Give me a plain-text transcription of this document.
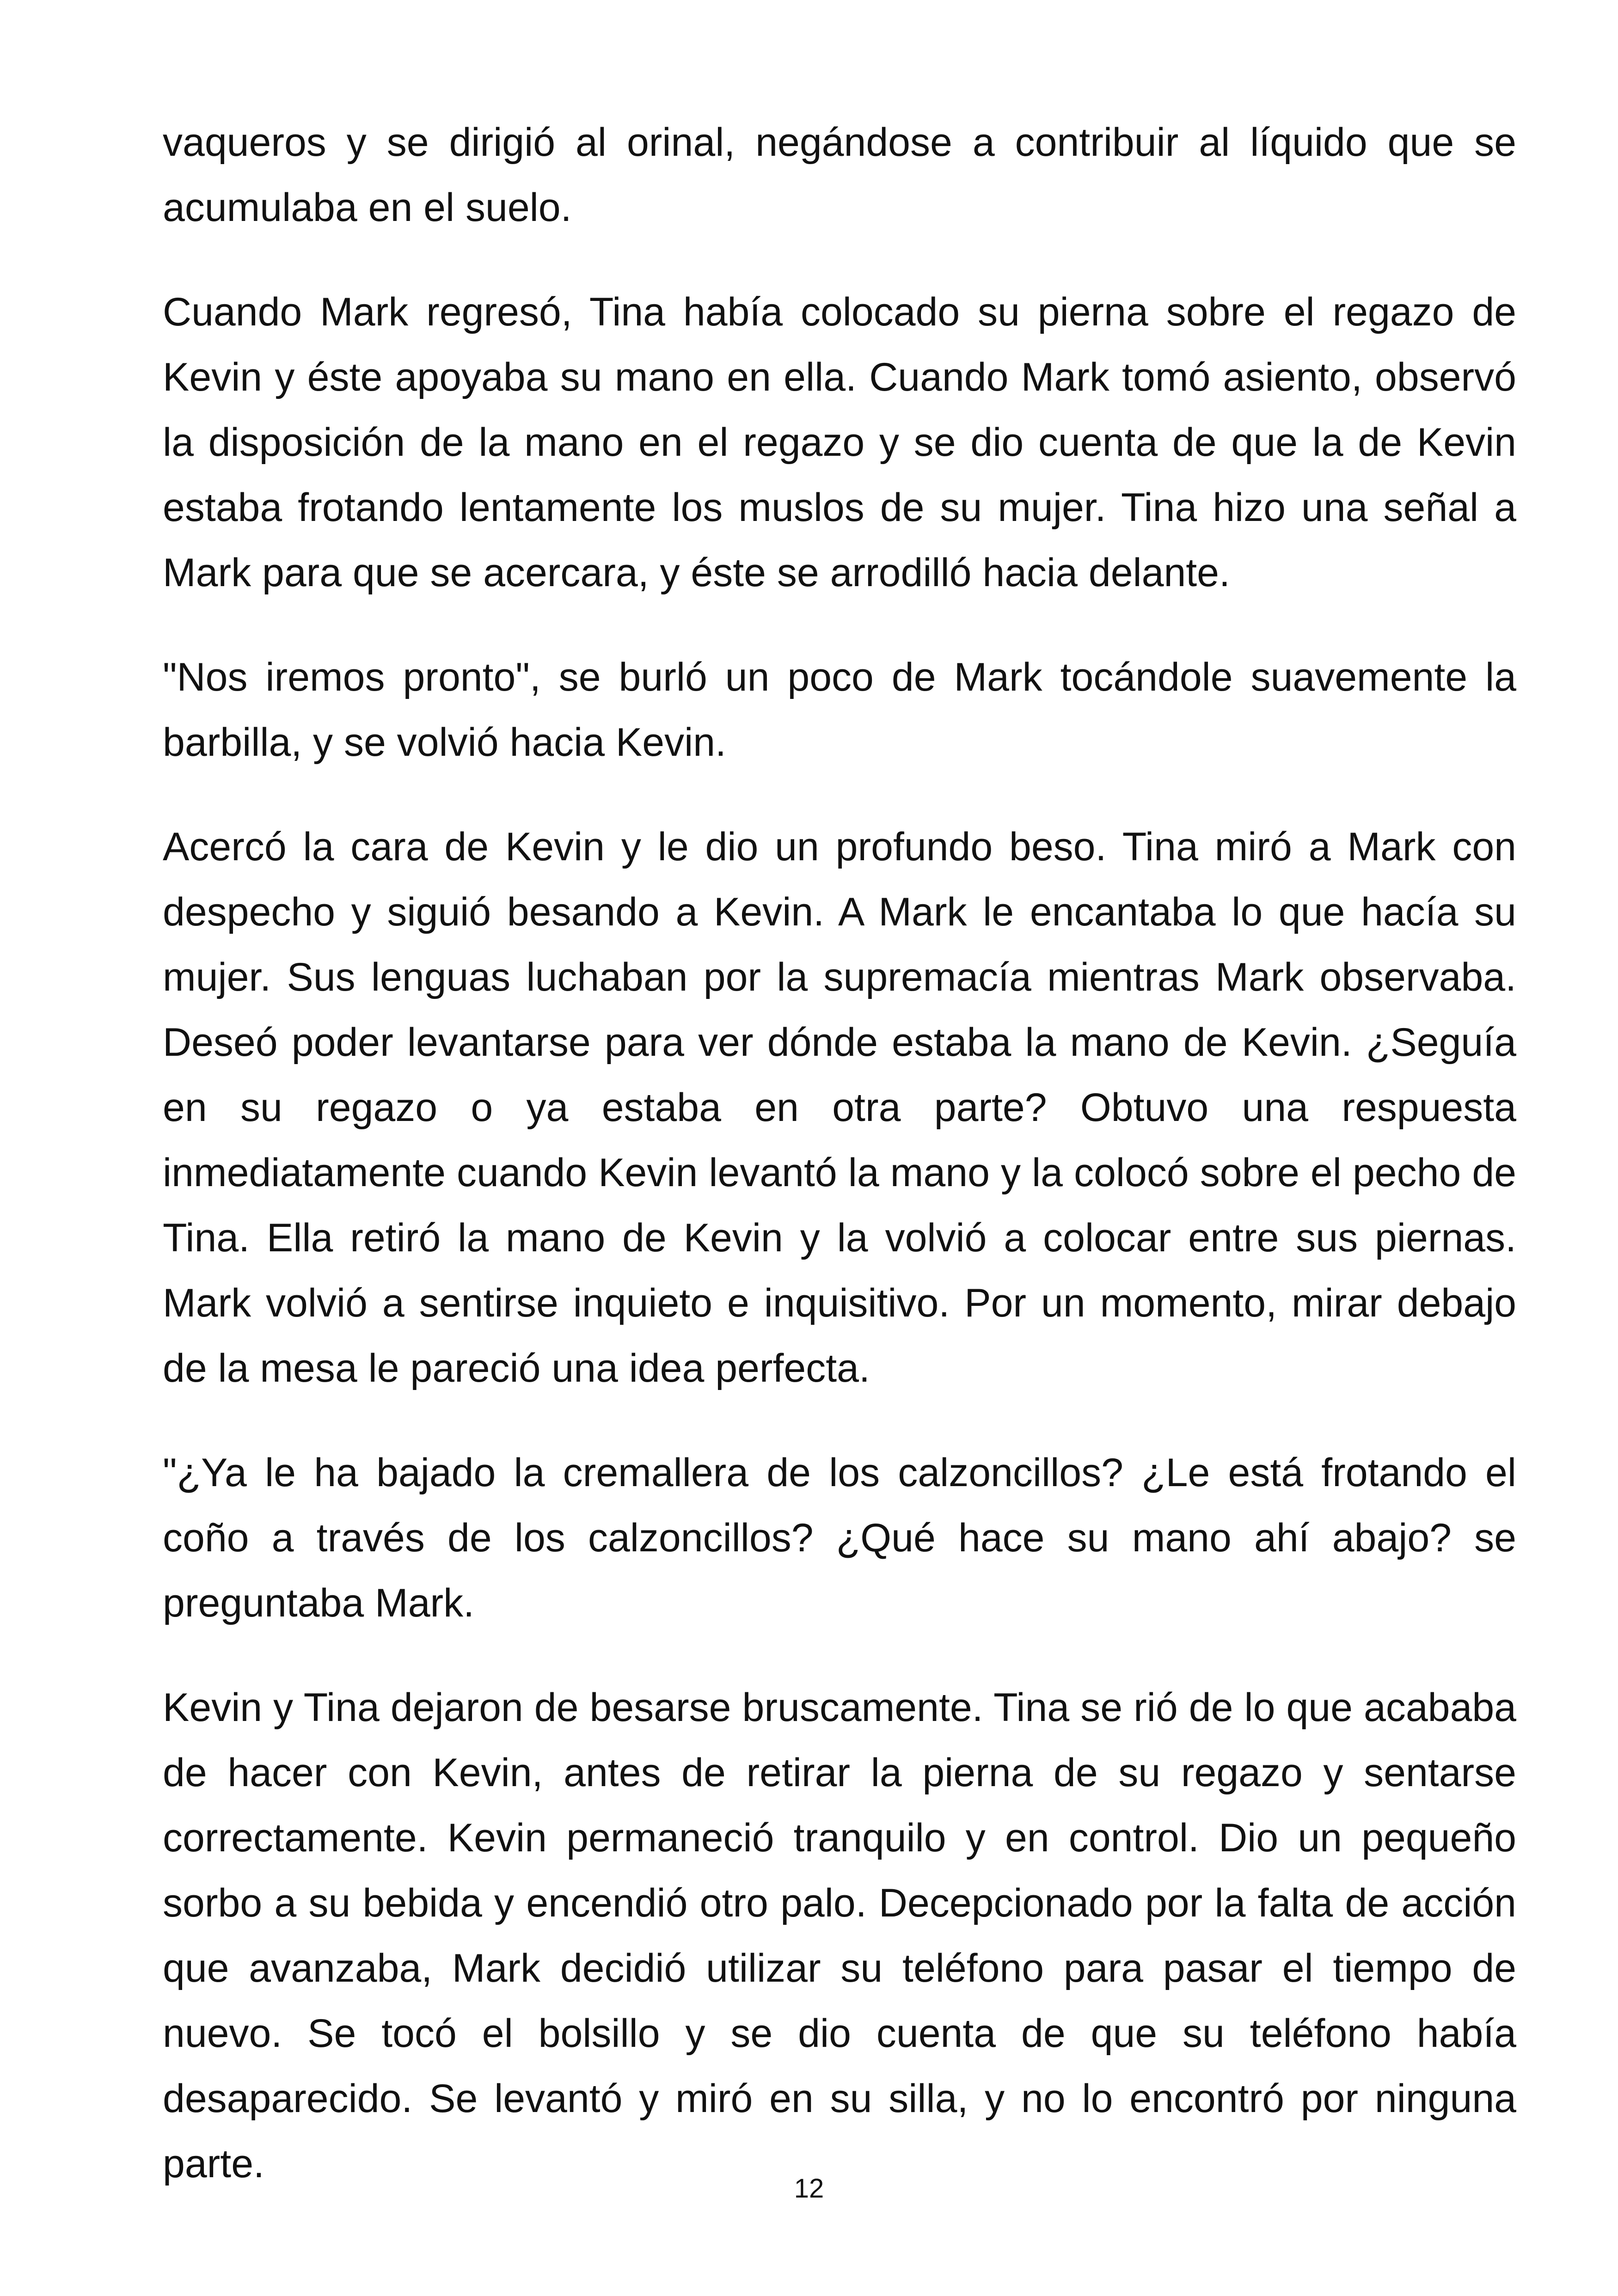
vaqueros y se dirigió al orinal, negándose a contribuir al líquido que se acumulaba en el suelo.

Cuando Mark regresó, Tina había colocado su pierna sobre el regazo de Kevin y éste apoyaba su mano en ella. Cuando Mark tomó asiento, observó la disposición de la mano en el regazo y se dio cuenta de que la de Kevin estaba frotando lentamente los muslos de su mujer. Tina hizo una señal a Mark para que se acercara, y éste se arrodilló hacia delante.

"Nos iremos pronto", se burló un poco de Mark tocándole suavemente la barbilla, y se volvió hacia Kevin.

Acercó la cara de Kevin y le dio un profundo beso. Tina miró a Mark con despecho y siguió besando a Kevin. A Mark le encantaba lo que hacía su mujer. Sus lenguas luchaban por la supremacía mientras Mark observaba. Deseó poder levantarse para ver dónde estaba la mano de Kevin. ¿Seguía en su regazo o ya estaba en otra parte? Obtuvo una respuesta inmediatamente cuando Kevin levantó la mano y la colocó sobre el pecho de Tina. Ella retiró la mano de Kevin y la volvió a colocar entre sus piernas. Mark volvió a sentirse inquieto e inquisitivo. Por un momento, mirar debajo de la mesa le pareció una idea perfecta.

"¿Ya le ha bajado la cremallera de los calzoncillos? ¿Le está frotando el coño a través de los calzoncillos? ¿Qué hace su mano ahí abajo? se preguntaba Mark.

Kevin y Tina dejaron de besarse bruscamente. Tina se rió de lo que acababa de hacer con Kevin, antes de retirar la pierna de su regazo y sentarse correctamente. Kevin permaneció tranquilo y en control. Dio un pequeño sorbo a su bebida y encendió otro palo. Decepcionado por la falta de acción que avanzaba, Mark decidió utilizar su teléfono para pasar el tiempo de nuevo. Se tocó el bolsillo y se dio cuenta de que su teléfono había desaparecido. Se levantó y miró en su silla, y no lo encontró por ninguna parte.

12
